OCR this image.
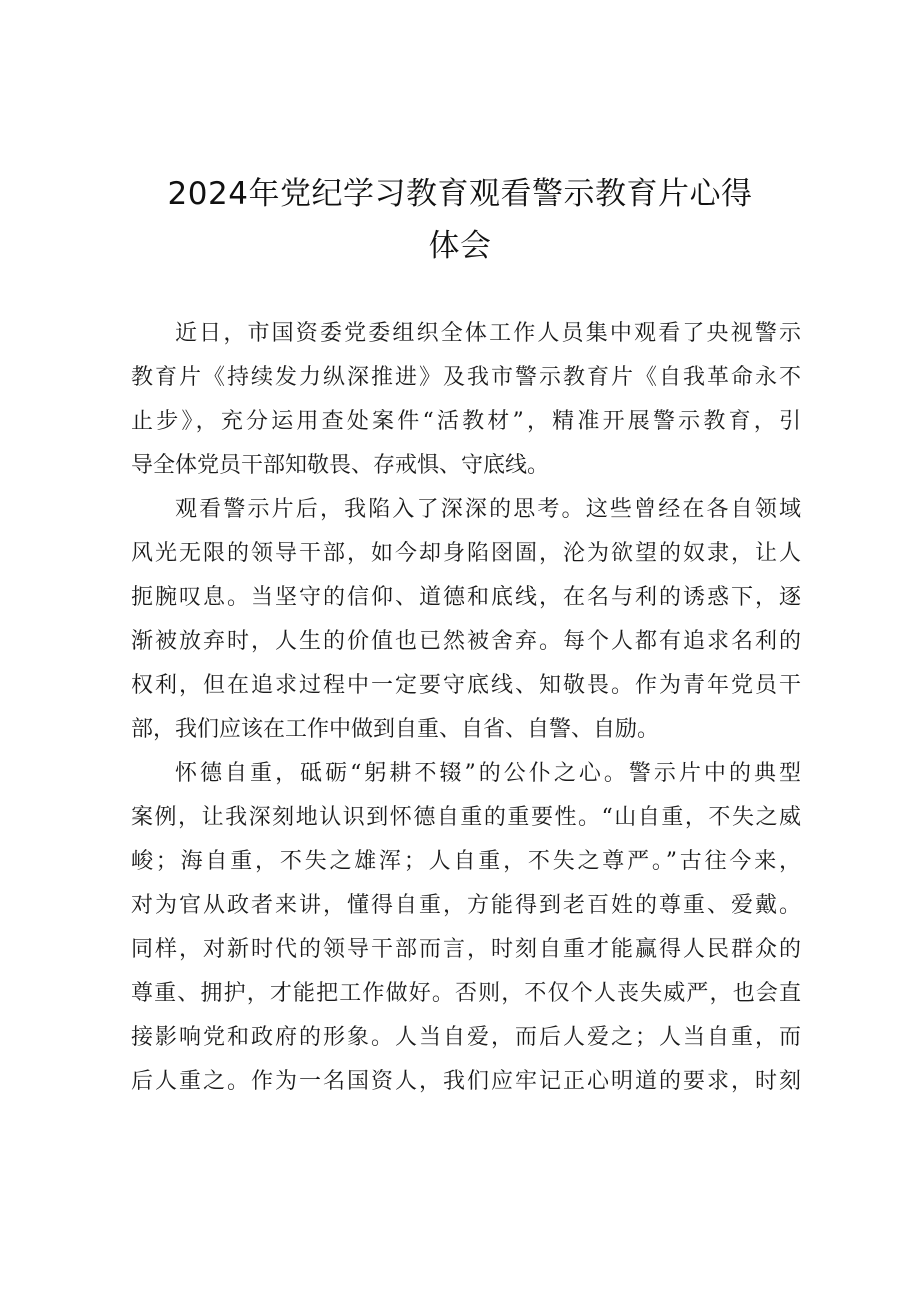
2024年党纪学习教育观看警示教育片心得
体会
近日，市国资委党委组织全体工作人员集中观看了央视警示
教育片《持续发力纵深推进》及我市警示教育片《自我革命永不
止步》，充分运用查处案件“活教材”，精准开展警示教育，引
导全体党员干部知敬畏、存戒惧、守底线。
观看警示片后，我陷入了深深的思考。这些曾经在各自领域
风光无限的领导干部，如今却身陷囹圄，沦为欲望的奴隶，让人
扼腕叹息。当坚守的信仰、道德和底线，在名与利的诱惑下，逐
渐被放弃时，人生的价值也已然被舍弃。每个人都有追求名利的
权利，但在追求过程中一定要守底线、知敬畏。作为青年党员干
部，我们应该在工作中做到自重、自省、自警、自励。
怀德自重，砥砺“躬耕不辍”的公仆之心。警示片中的典型
案例，让我深刻地认识到怀德自重的重要性。“山自重，不失之威
峻；海自重，不失之雄浑；人自重，不失之尊严。”古往今来，
对为官从政者来讲，懂得自重，方能得到老百姓的尊重、爱戴。
同样，对新时代的领导干部而言，时刻自重才能赢得人民群众的
尊重、拥护，才能把工作做好。否则，不仅个人丧失威严，也会直
接影响党和政府的形象。人当自爱，而后人爱之；人当自重，而
后人重之。作为一名国资人，我们应牢记正心明道的要求，时刻
